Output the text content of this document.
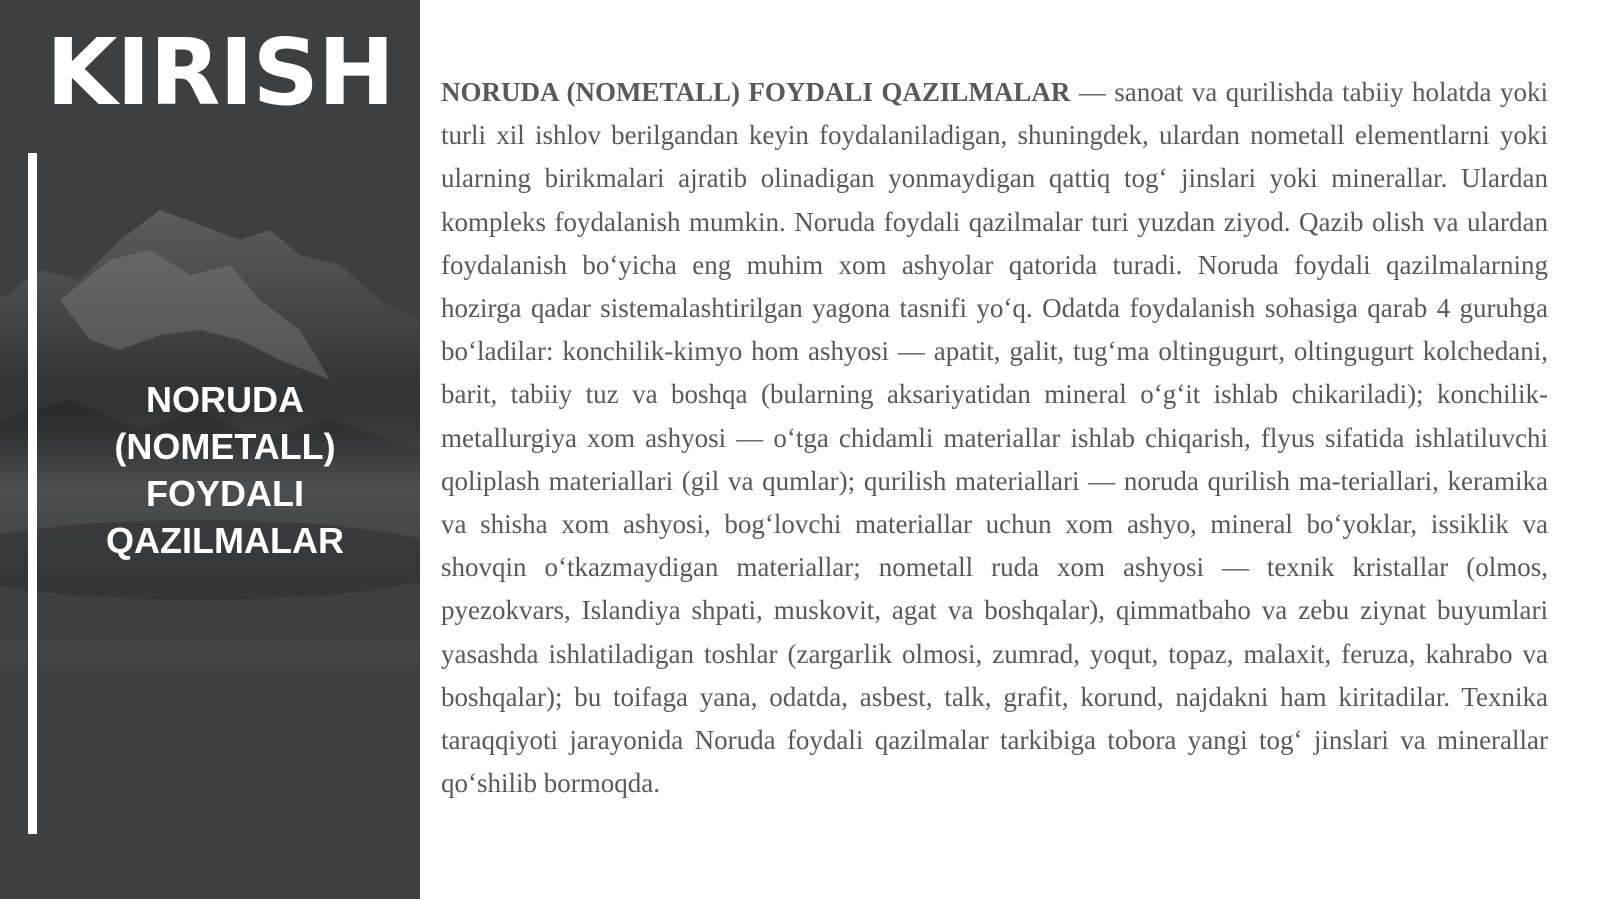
KIRISH
NORUDA (NOMETALL) FOYDALI QAZILMALAR

NORUDA (NOMETALL) FOYDALI QAZILMALAR — sanoat va qurilishda tabiiy holatda yoki turli xil ishlov berilgandan keyin foydalaniladigan, shuningdek, ulardan nometall elementlarni yoki ularning birikmalari ajratib olinadigan yonmaydigan qattiq tog‘ jinslari yoki minerallar. Ulardan kompleks foydalanish mumkin. Noruda foydali qazilmalar turi yuzdan ziyod. Qazib olish va ulardan foydalanish bo‘yicha eng muhim xom ashyolar qatorida turadi. Noruda foydali qazilmalarning hozirga qadar sistemalashtirilgan yagona tasnifi yo‘q. Odatda foydalanish sohasiga qarab 4 guruhga bo‘ladilar: konchilik-kimyo hom ashyosi — apatit, galit, tug‘ma oltingugurt, oltingugurt kolchedani, barit, tabiiy tuz va boshqa (bularning aksariyatidan mineral o‘g‘it ishlab chikariladi); konchilik-metallurgiya xom ashyosi — o‘tga chidamli materiallar ishlab chiqarish, flyus sifatida ishlatiluvchi qoliplash materiallari (gil va qumlar); qurilish materiallari — noruda qurilish ma-teriallari, keramika va shisha xom ashyosi, bog‘lovchi materiallar uchun xom ashyo, mineral bo‘yoklar, issiklik va shovqin o‘tkazmaydigan materiallar; nometall ruda xom ashyosi — texnik kristallar (olmos, pyezokvars, Islandiya shpati, muskovit, agat va boshqalar), qimmatbaho va zebu ziynat buyumlari yasashda ishlatiladigan toshlar (zargarlik olmosi, zumrad, yoqut, topaz, malaxit, feruza, kahrabo va boshqalar); bu toifaga yana, odatda, asbest, talk, grafit, korund, najdakni ham kiritadilar. Texnika taraqqiyoti jarayonida Noruda foydali qazilmalar tarkibiga tobora yangi tog‘ jinslari va minerallar qo‘shilib bormoqda.
